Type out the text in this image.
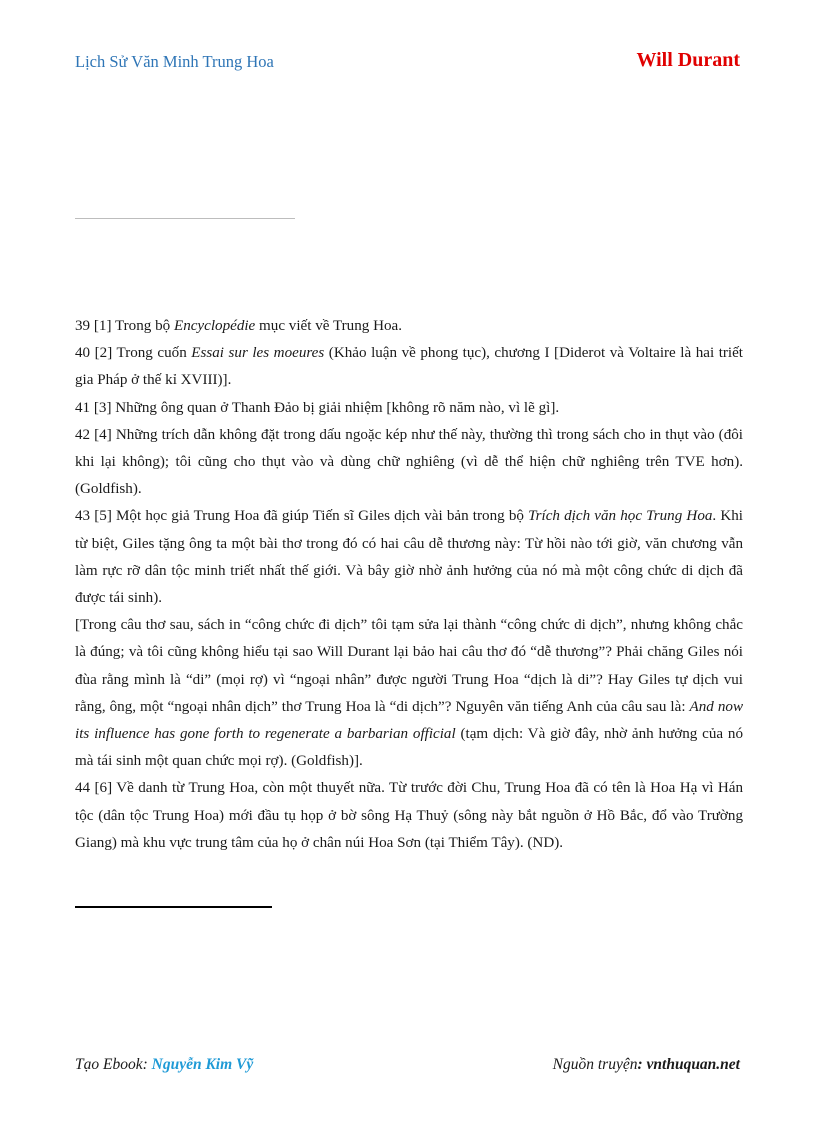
Lịch Sử Văn Minh Trung Hoa	Will Durant

39 [1] Trong bộ Encyclopédie mục viết về Trung Hoa.

40 [2] Trong cuốn Essai sur les moeures (Khảo luận về phong tục), chương I [Diderot và Voltaire là hai triết gia Pháp ở thế kỉ XVIII)].

41 [3] Những ông quan ở Thanh Đảo bị giải nhiệm [không rõ năm nào, vì lẽ gì].

42 [4] Những trích dẫn không đặt trong dấu ngoặc kép như thế này, thường thì trong sách cho in thụt vào (đôi khi lại không); tôi cũng cho thụt vào và dùng chữ nghiêng (vì dễ thể hiện chữ nghiêng trên TVE hơn). (Goldfish).

43 [5] Một học giả Trung Hoa đã giúp Tiến sĩ Giles dịch vài bản trong bộ Trích dịch văn học Trung Hoa. Khi từ biệt, Giles tặng ông ta một bài thơ trong đó có hai câu dễ thương này: Từ hồi nào tới giờ, văn chương vẫn làm rực rỡ dân tộc minh triết nhất thế giới. Và bây giờ nhờ ảnh hưởng của nó mà một công chức di dịch đã được tái sinh).

[Trong câu thơ sau, sách in “công chức đi dịch” tôi tạm sửa lại thành “công chức di dịch”, nhưng không chắc là đúng; và tôi cũng không hiểu tại sao Will Durant lại bảo hai câu thơ đó “dễ thương”? Phải chăng Giles nói đùa rằng mình là “di” (mọi rợ) vì “ngoại nhân” được người Trung Hoa “dịch là di”? Hay Giles tự dịch vui rằng, ông, một “ngoại nhân dịch” thơ Trung Hoa là “di dịch”? Nguyên văn tiếng Anh của câu sau là: And now its influence has gone forth to regenerate a barbarian official (tạm dịch: Và giờ đây, nhờ ảnh hưởng của nó mà tái sinh một quan chức mọi rợ). (Goldfish)].

44 [6] Về danh từ Trung Hoa, còn một thuyết nữa. Từ trước đời Chu, Trung Hoa đã có tên là Hoa Hạ vì Hán tộc (dân tộc Trung Hoa) mới đầu tụ họp ở bờ sông Hạ Thuỷ (sông này bắt nguồn ở Hồ Bắc, đổ vào Trường Giang) mà khu vực trung tâm của họ ở chân núi Hoa Sơn (tại Thiểm Tây). (ND).

Tạo Ebook: Nguyễn Kim Vỹ	Nguồn truyện: vnthuquan.net
